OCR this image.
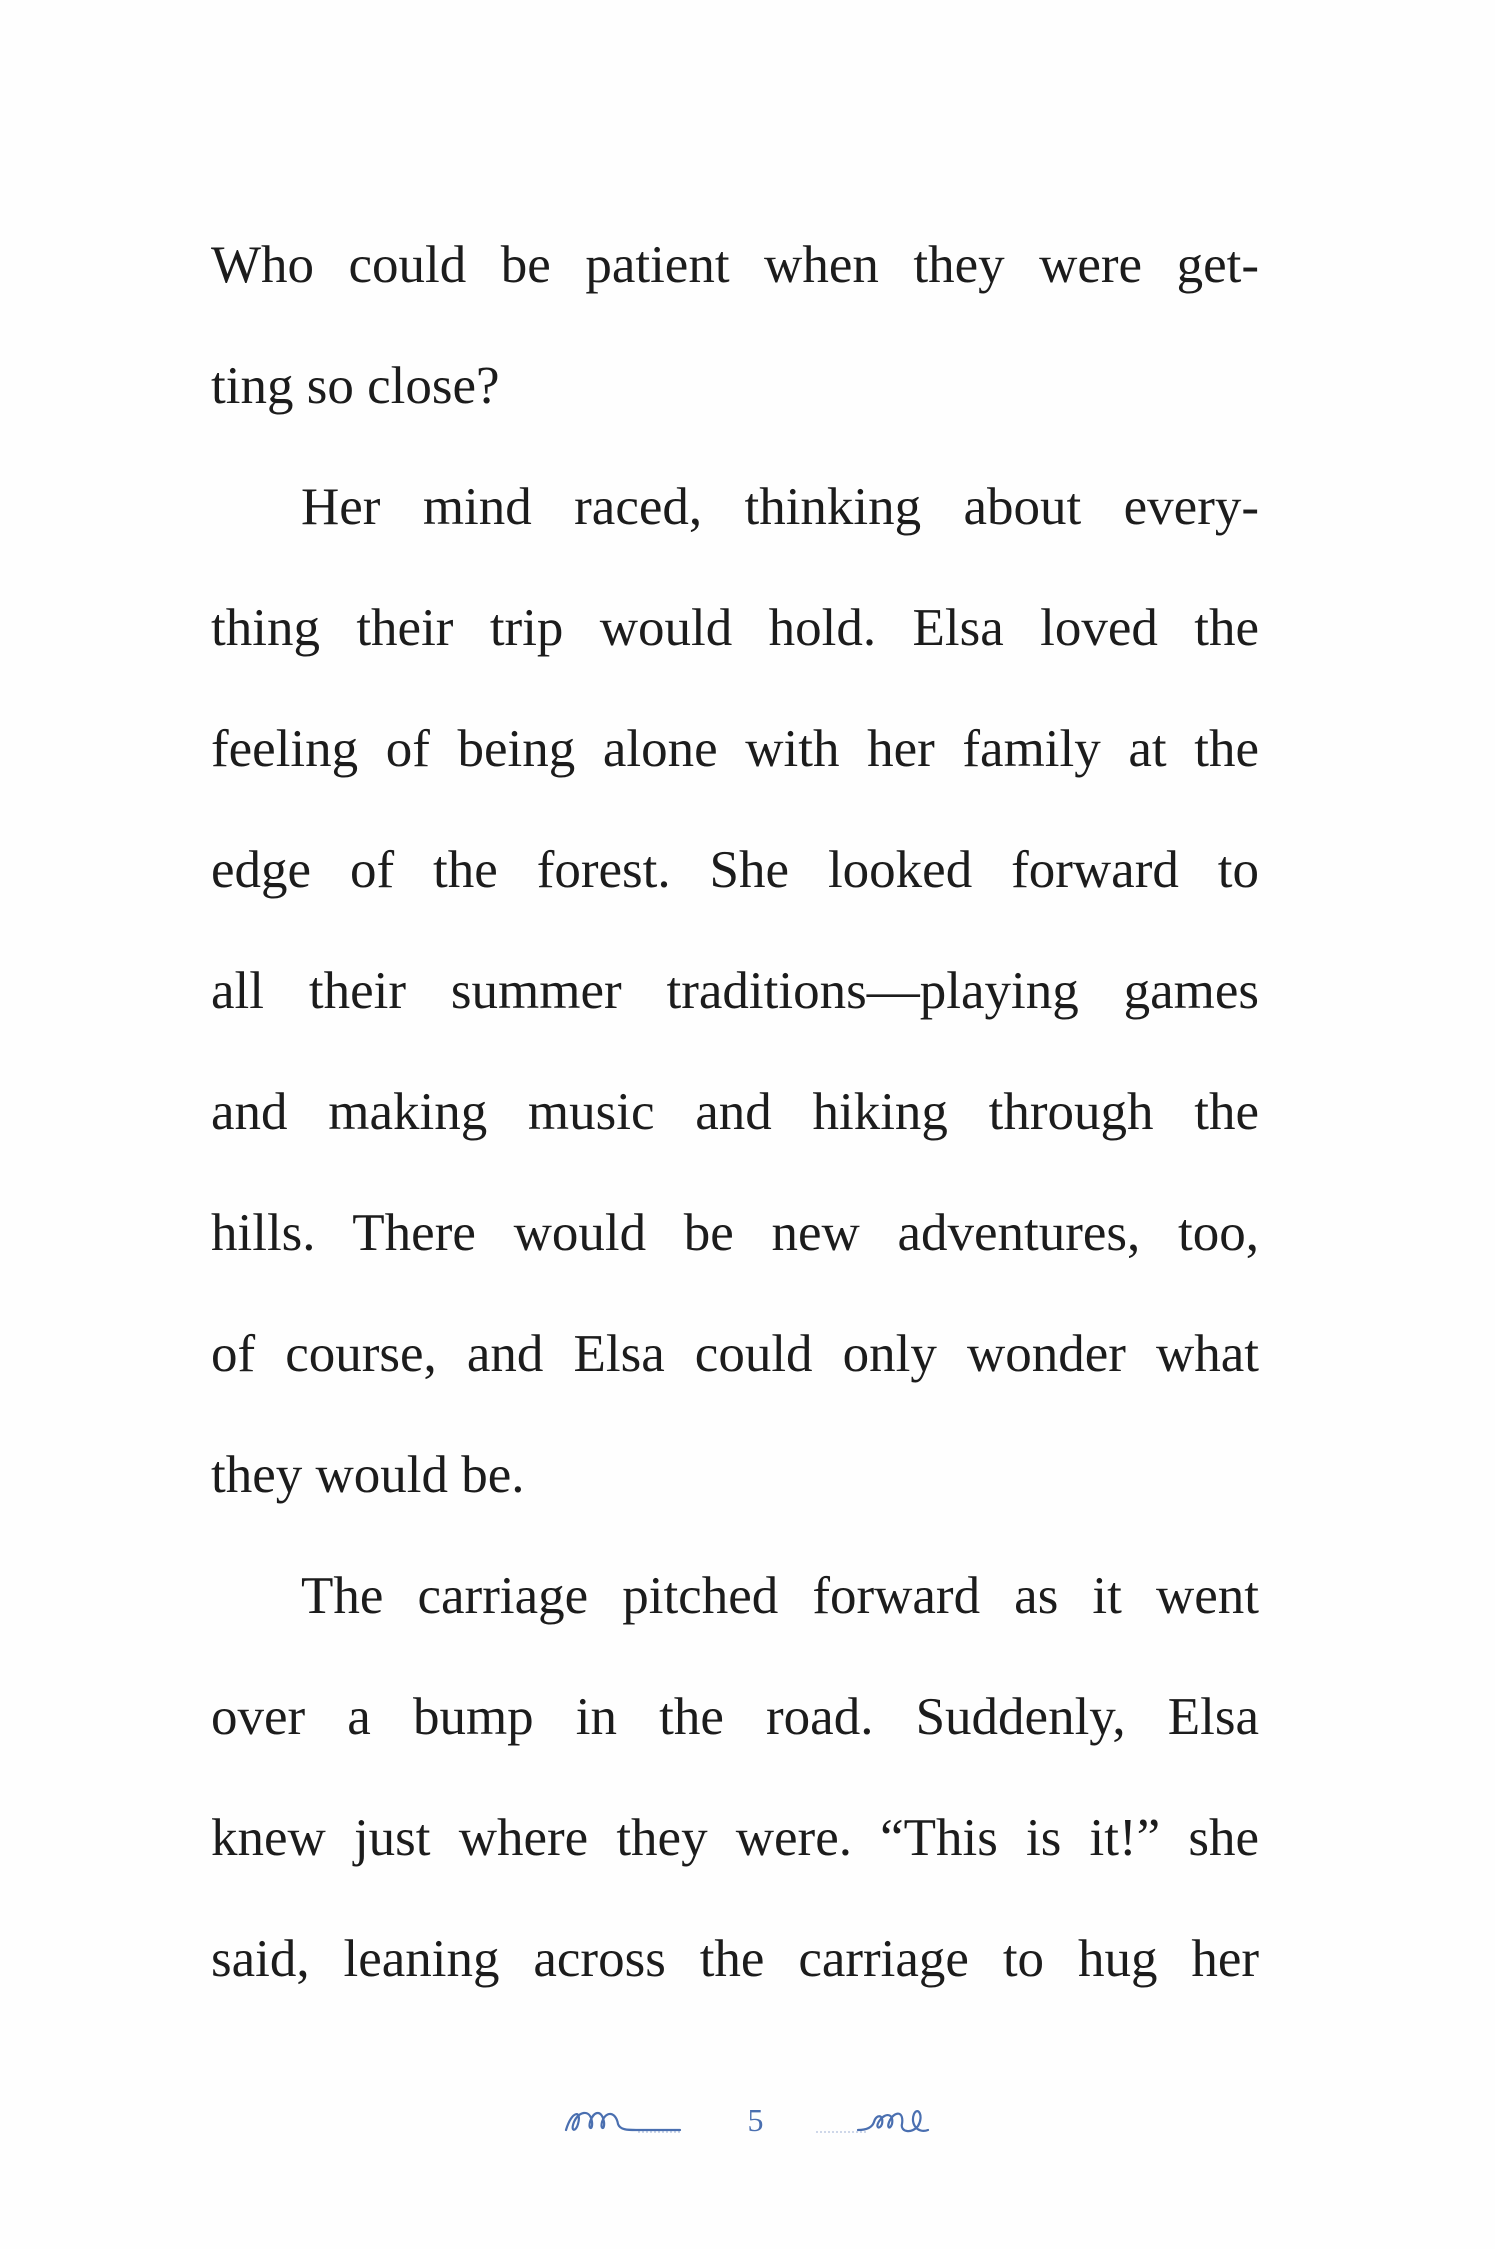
Who could be patient when they were get-
ting so close?
Her mind raced, thinking about every-
thing their trip would hold. Elsa loved the
feeling of being alone with her family at the
edge of the forest. She looked forward to
all their summer traditions—playing games
and making music and hiking through the
hills. There would be new adventures, too,
of course, and Elsa could only wonder what
they would be.
The carriage pitched forward as it went
over a bump in the road. Suddenly, Elsa
knew just where they were. “This is it!” she
said, leaning across the carriage to hug her
5
